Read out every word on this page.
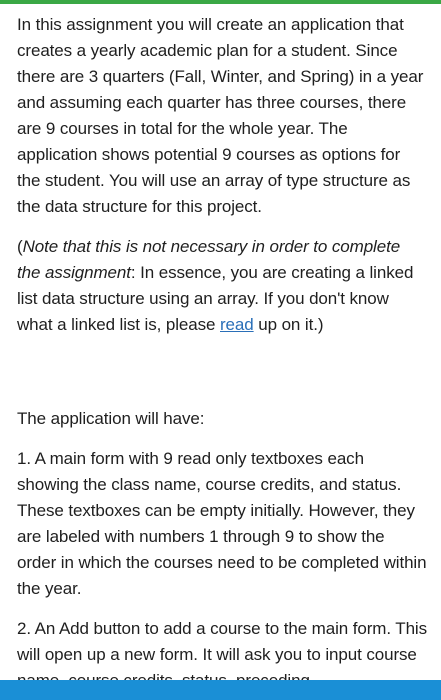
In this assignment you will create an application that creates a yearly academic plan for a student. Since there are 3 quarters (Fall, Winter, and Spring) in a year and assuming each quarter has three courses, there are 9 courses in total for the whole year. The application shows potential 9 courses as options for the student. You will use an array of type structure as the data structure for this project.

(Note that this is not necessary in order to complete the assignment: In essence, you are creating a linked list data structure using an array. If you don't know what a linked list is, please read up on it.)

The application will have:

1. A main form with 9 read only textboxes each showing the class name, course credits, and status. These textboxes can be empty initially. However, they are labeled with numbers 1 through 9 to show the order in which the courses need to be completed within the year.

2. An Add button to add a course to the main form. This will open up a new form. It will ask you to input course
